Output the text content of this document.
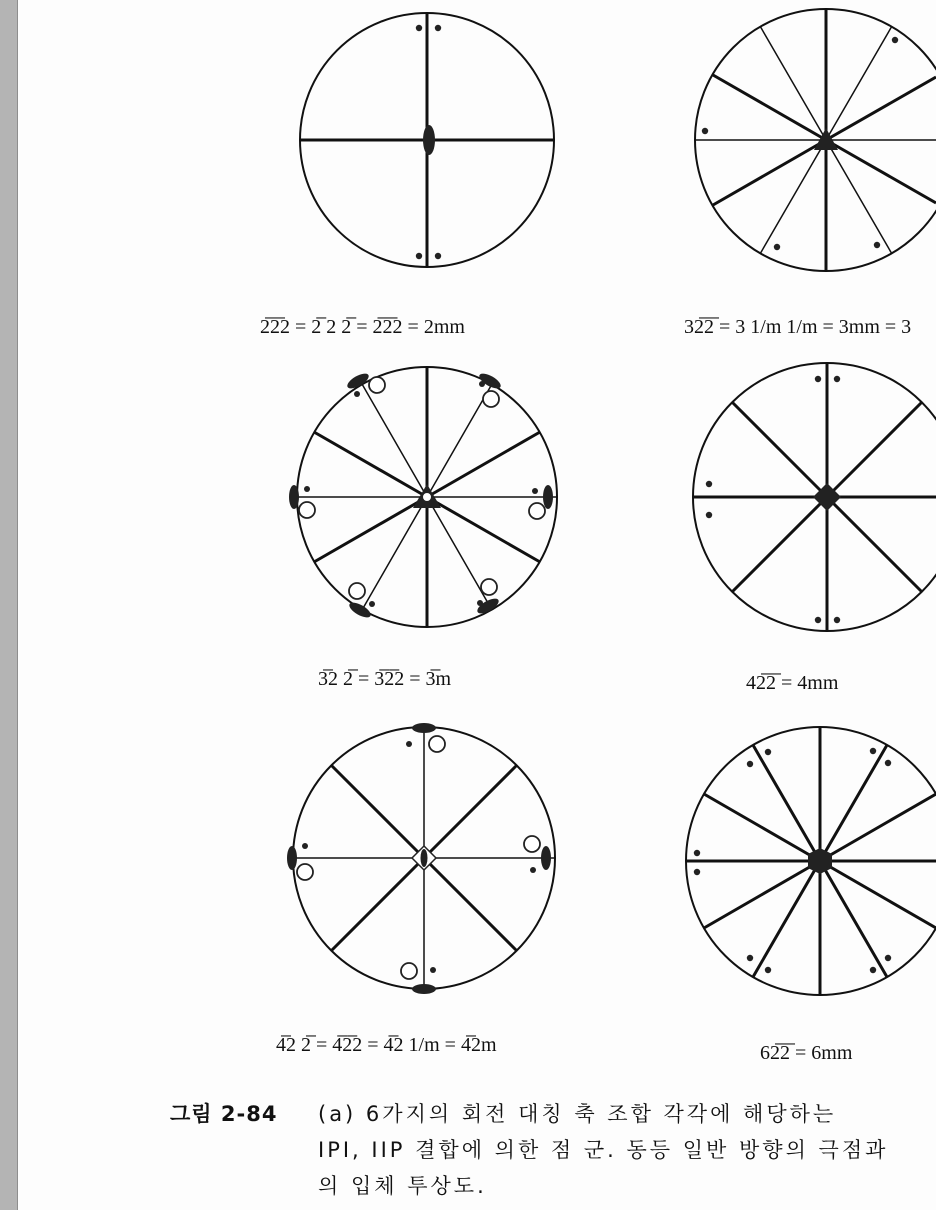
2̅2̅2 = 2̅ 2 2̅ = 2̅2̅2 = 2mm	32̅2̅ = 3 1/m 1/m = 3mm = 3
3̅2 2̅ = 3̅2̅2 = 3̅m	42̅2̅ = 4mm
4̅2 2̅ = 4̅2̅2 = 4̅2 1/m = 4̅2m	62̅2̅ = 6mm
그림 2-84 (a) 6가지의 회전 대칭 축 조합 각각에 해당하는
IPI, IIP 결합에 의한 점 군. 동등 일반 방향의 극점과
의 입체 투상도.
